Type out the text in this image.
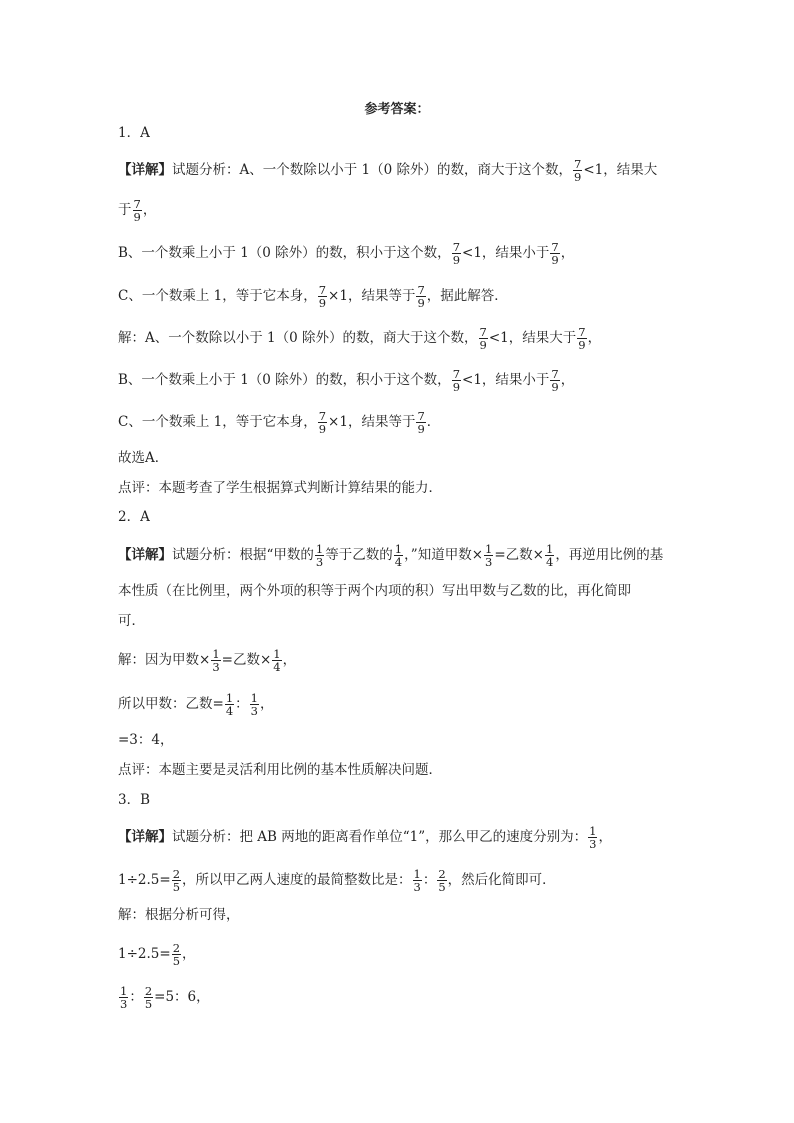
参考答案：
1．A
【详解】试题分析：A、一个数除以小于 1（0 除外）的数，商大于这个数， $\frac{7}{9} <1$，结果大
于 $\frac{7}{9}$ ，
B、一个数乘上小于 1（0 除外）的数，积小于这个数， $\frac{7}{9} <1$，结果小于 $\frac{7}{9}$ ，
C、一个数乘上 1，等于它本身， $\frac{7}{9} \times 1$，结果等于 $\frac{7}{9}$ ，据此解答．
解：A、一个数除以小于 1（0 除外）的数，商大于这个数， $\frac{7}{9} <1$，结果大于 $\frac{7}{9}$ ，
B、一个数乘上小于 1（0 除外）的数，积小于这个数， $\frac{7}{9} <1$，结果小于 $\frac{7}{9}$ ，
C、一个数乘上 1，等于它本身， $\frac{7}{9} \times 1$，结果等于 $\frac{7}{9}$ ．
故选A．
点评：本题考查了学生根据算式判断计算结果的能力．
2．A
【详解】试题分析：根据“甲数的 $\frac{1}{3}$ 等于乙数的 $\frac{1}{4}$ ，”知道甲数× $\frac{1}{3}$ =乙数× $\frac{1}{4}$ ，再逆用比例的基
本性质（在比例里，两个外项的积等于两个内项的积）写出甲数与乙数的比，再化简即
可．
解：因为甲数× $\frac{1}{3}$ =乙数× $\frac{1}{4}$ ，
所以甲数：乙数= $\frac{1}{4}$ ： $\frac{1}{3}$ ，
=3：4，
点评：本题主要是灵活利用比例的基本性质解决问题．
3．B
【详解】试题分析：把 AB 两地的距离看作单位“1”，那么甲乙的速度分别为： $\frac{1}{3}$ ，
$1\div 2.5= \frac{2}{5}$ ，所以甲乙两人速度的最简整数比是： $\frac{1}{3}$ ： $\frac{2}{5}$ ，然后化简即可．
解：根据分析可得，
$1\div 2.5= \frac{2}{5}$ ，
$\frac{1}{3}$ ： $\frac{2}{5} =5$：6，
